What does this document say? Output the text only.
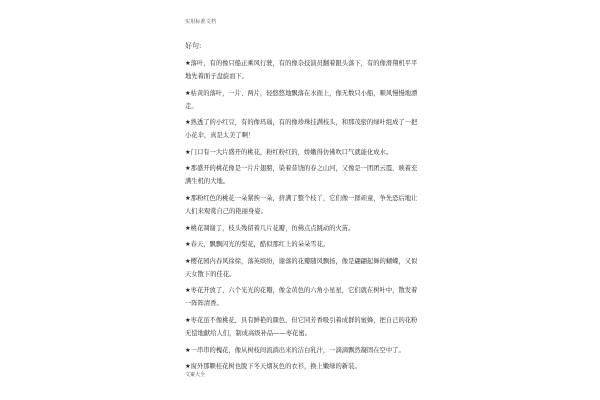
实用标准文档
好句:

★落叶，有的像只船正乘风行驶，有的像杂技演员翻着跟头落下，有的像滑翔机平平地先着面子盘旋而下。

★枯黄的落叶，一片、两片，轻悠悠地飘落在水面上，像无数只小船，顺风慢慢地漂走。

★熟透了的小红豆，有的像玛瑙，有的像珍珠挂满枝头，和那茂密的绿叶组成了一把小花伞，真是太美了啊！

★门口有一大片盛开的桃花，粉红粉红的，娇嫩得仿佛吹口气就能化成水。

★那盛开的桃花像是一片片翅膀，染着昔饶的春之山河，又像是一团团云霞，映着充满生机的大地。

★那粉红色的桃花一朵紧挨一朵，挤满了整个枝丫，它们像一群顽童，争先恐后地让人们来观赏自己的艳丽身姿。

★桃花凋谢了，枝头残留着几片花瓣，仿佛点点跳动的火苗。

★春天，飘飘闪光的梨花，酷似那红上的朵朵雪花。

★樱花园内春风徐徐，落英缤纷，谢落的花瓣随风飘扬，像是翩翩起舞的蝴蝶，又似天女散下的佳花。

★枣花开放了，六个光光的花瓣，像金黄色的六角小星星，它们就在树叶中，散发着一阵阵清香。

★枣花虽不像桃花，具有鲜艳的颜色，但它同芳香吸引着成群的蜜蜂，把自己的花粉无偿地献给人们，制成高级补品——枣花蜜。

★一串串的槐花，像从树枝间流淌出来的洁白乳汁，一滴滴飘然凝固在空中了。

★窗外那颗桂花树也脱下冬天烟灰色的衣衫，换上嫩绿的新装。

文案大全
